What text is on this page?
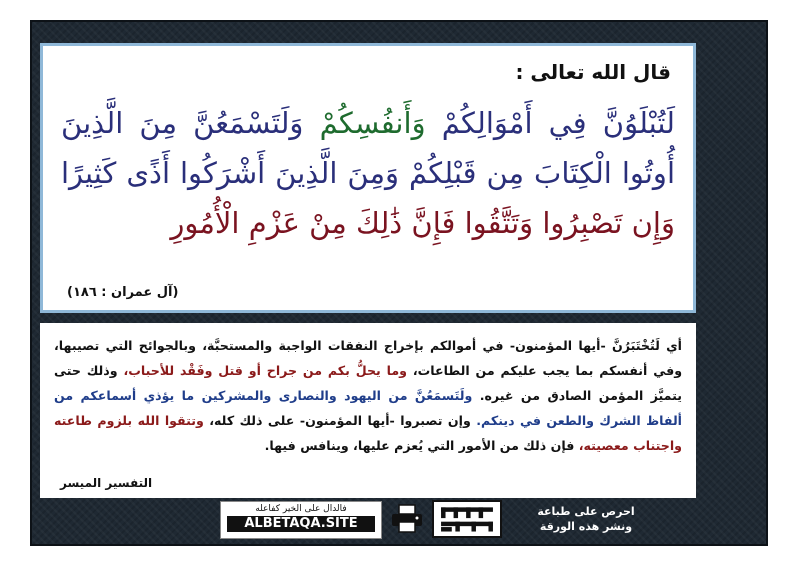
قال الله تعالى :
لَتُبْلَوُنَّ فِي أَمْوَالِكُمْ وَأَنفُسِكُمْ وَلَتَسْمَعُنَّ مِنَ الَّذِينَ أُوتُوا الْكِتَابَ مِن قَبْلِكُمْ وَمِنَ الَّذِينَ أَشْرَكُوا أَذًى كَثِيرًا وَإِن تَصْبِرُوا وَتَتَّقُوا فَإِنَّ ذَٰلِكَ مِنْ عَزْمِ الْأُمُورِ
(آل عمران : ١٨٦)
أي لَتُخْتَبَرُنَّ -أيها المؤمنون- في أموالكم بإخراج النفقات الواجبة والمستحبَّة، وبالجوائح التي تصيبها، وفي أنفسكم بما يجب عليكم من الطاعات، وما يحلُّ بكم من جراح أو قتل وفَقْد للأحباب، وذلك حتى يتميَّز المؤمن الصادق من غيره. ولَتَسمَعُنَّ من اليهود والنصارى والمشركين ما يؤذي أسماعكم من ألفاظ الشرك والطعن في دينكم. وإن تصبروا -أيها المؤمنون- على ذلك كله، وتتقوا الله بلزوم طاعته واجتناب معصيته، فإن ذلك من الأمور التي يُعزم عليها، وينافس فيها.
التفسير الميسر
فالدال على الخير كفاعله
ALBETAQA.SITE
احرص على طباعة
ونشر هذه الورقة
